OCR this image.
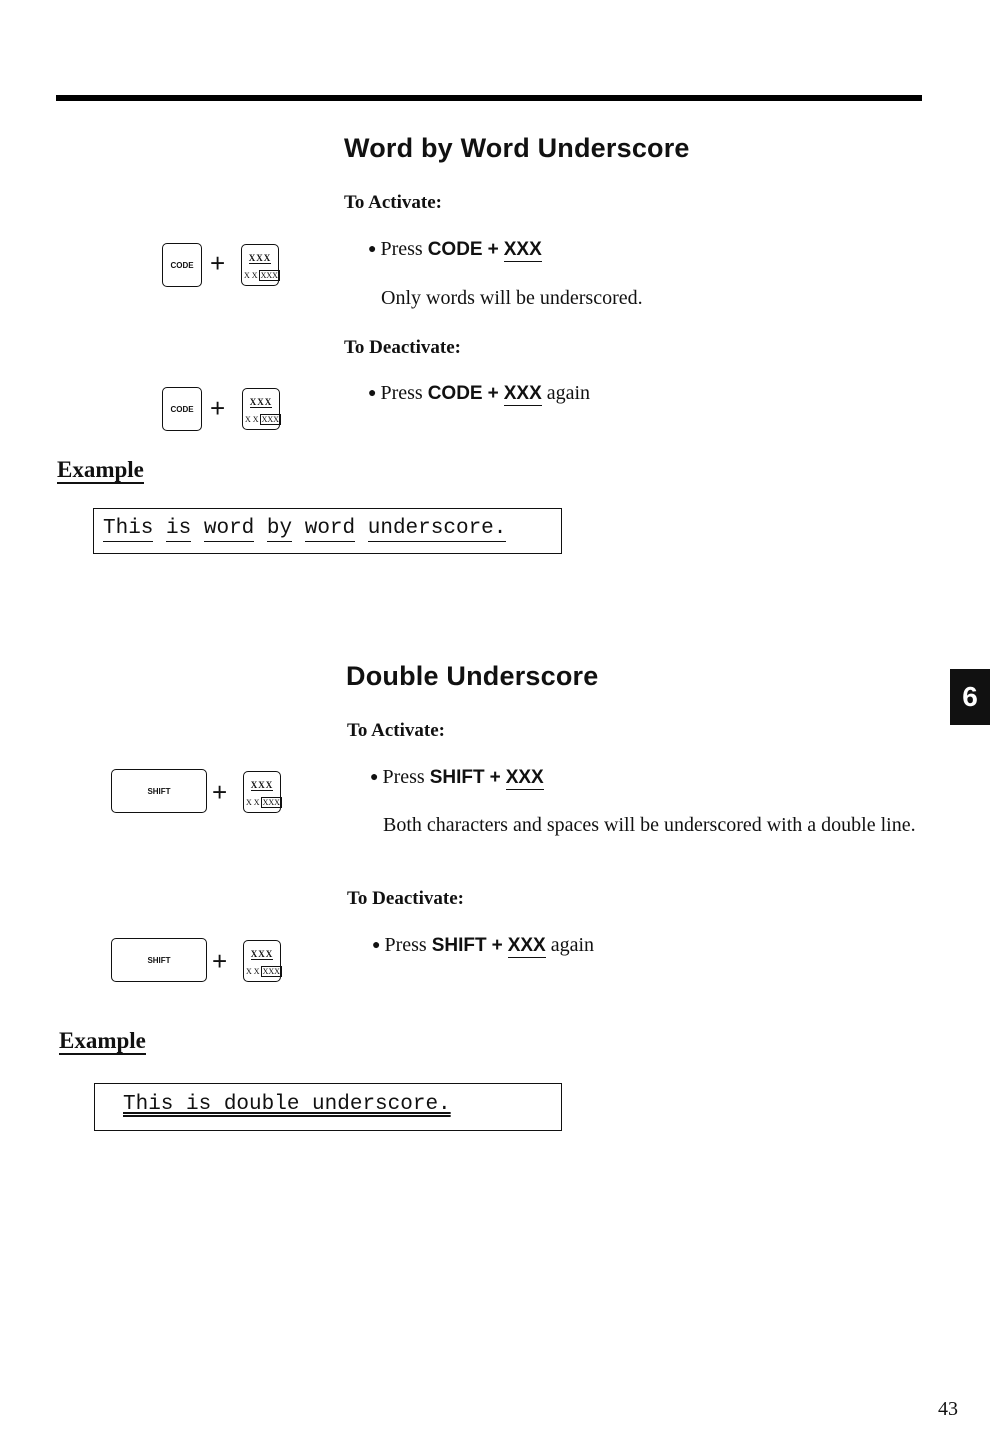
Word by Word Underscore
To Activate:
CODE +	XXX
X X XXX
● Press CODE + XXX
Only words will be underscored.
To Deactivate:
CODE +	XXX
X X XXX
● Press CODE + XXX again
Example
This is word by word underscore.
Double Underscore
To Activate:
SHIFT +	XXX
X X XXX
● Press SHIFT + XXX
Both characters and spaces will be underscored with a double line.
To Deactivate:
SHIFT +	XXX
X X XXX
● Press SHIFT + XXX again
Example
This is double underscore.
6
43
